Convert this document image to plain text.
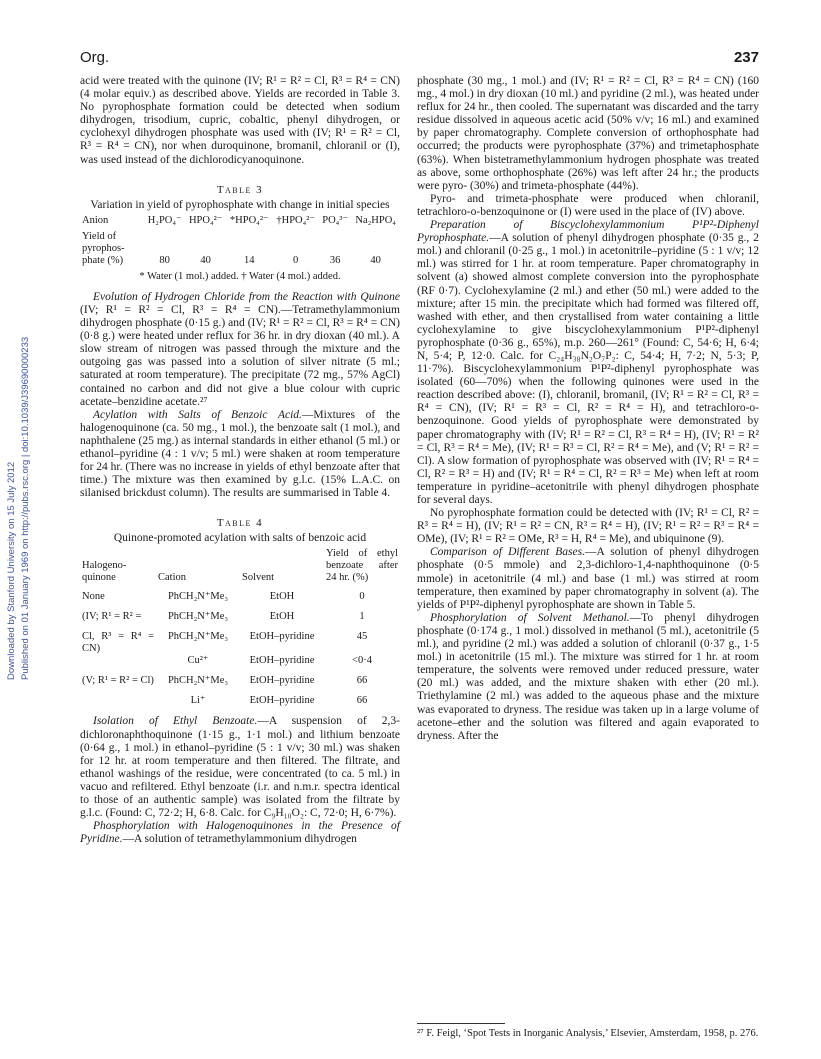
Org.	237
Downloaded by Stanford University on 15 July 2012 Published on 01 January 1969 on http://pubs.rsc.org | doi:10.1039/J39690000233

acid were treated with the quinone (IV; R¹ = R² = Cl, R³ = R⁴ = CN) (4 molar equiv.) as described above. Yields are recorded in Table 3. No pyrophosphate formation could be detected when sodium dihydrogen, trisodium, cupric, cobaltic, phenyl dihydrogen, or cyclohexyl dihydrogen phosphate was used with (IV; R¹ = R² = Cl, R³ = R⁴ = CN), nor when duroquinone, bromanil, chloranil or (I), was used instead of the dichlorodicyanoquinone.

Table 3
Variation in yield of pyrophosphate with change in initial species
Anion	H₂PO₄⁻	HPO₄²⁻	*HPO₄²⁻	†HPO₄²⁻	PO₄³⁻	Na₂HPO₄
Yield of pyrophos- phate (%)	80	40	14	0	36	40
* Water (1 mol.) added. † Water (4 mol.) added.

Evolution of Hydrogen Chloride from the Reaction with Quinone (IV; R¹ = R² = Cl, R³ = R⁴ = CN).—Tetramethylammonium dihydrogen phosphate (0·15 g.) and (IV; R¹ = R² = Cl, R³ = R⁴ = CN) (0·8 g.) were heated under reflux for 36 hr. in dry dioxan (40 ml.). A slow stream of nitrogen was passed through the mixture and the outgoing gas was passed into a solution of silver nitrate (5 ml.; saturated at room temperature). The precipitate (72 mg., 57% AgCl) contained no carbon and did not give a blue colour with cupric acetate–benzidine acetate.²⁷

Acylation with Salts of Benzoic Acid.—Mixtures of the halogenoquinone (ca. 50 mg., 1 mol.), the benzoate salt (1 mol.), and naphthalene (25 mg.) as internal standards in either ethanol (5 ml.) or ethanol–pyridine (4 : 1 v/v; 5 ml.) were shaken at room temperature for 24 hr. (There was no increase in yields of ethyl benzoate after that time.) The mixture was then examined by g.l.c. (15% L.A.C. on silanised brickdust column). The results are summarised in Table 4.

Table 4
Quinone-promoted acylation with salts of benzoic acid
Halogeno- quinone	Cation	Solvent	Yield of ethyl benzoate after 24 hr. (%)
None	PhCH₂N⁺Me₃	EtOH	0
(IV; R¹ = R² =	PhCH₂N⁺Me₃	EtOH	1
Cl, R³ = R⁴ = CN)	PhCH₂N⁺Me₃	EtOH–pyridine	45
	Cu²⁺	EtOH–pyridine	<0·4
(V; R¹ = R² = Cl)	PhCH₂N⁺Me₃	EtOH–pyridine	66
	Li⁺	EtOH–pyridine	66

Isolation of Ethyl Benzoate.—A suspension of 2,3-dichloronaphthoquinone (1·15 g., 1·1 mol.) and lithium benzoate (0·64 g., 1 mol.) in ethanol–pyridine (5 : 1 v/v; 30 ml.) was shaken for 12 hr. at room temperature and then filtered. The filtrate, and ethanol washings of the residue, were concentrated (to ca. 5 ml.) in vacuo and refiltered. Ethyl benzoate (i.r. and n.m.r. spectra identical to those of an authentic sample) was isolated from the filtrate by g.l.c. (Found: C, 72·2; H, 6·8. Calc. for C₉H₁₀O₂: C, 72·0; H, 6·7%).

Phosphorylation with Halogenoquinones in the Presence of Pyridine.—A solution of tetramethylammonium dihydrogen

phosphate (30 mg., 1 mol.) and (IV; R¹ = R² = Cl, R³ = R⁴ = CN) (160 mg., 4 mol.) in dry dioxan (10 ml.) and pyridine (2 ml.), was heated under reflux for 24 hr., then cooled. The supernatant was discarded and the tarry residue dissolved in aqueous acetic acid (50% v/v; 16 ml.) and examined by paper chromatography. Complete conversion of orthophosphate had occurred; the products were pyrophosphate (37%) and trimetaphosphate (63%). When bistetramethylammonium hydrogen phosphate was treated as above, some orthophosphate (26%) was left after 24 hr.; the products were pyro- (30%) and trimeta-phosphate (44%).

Pyro- and trimeta-phosphate were produced when chloranil, tetrachloro-o-benzoquinone or (I) were used in the place of (IV) above.

Preparation of Biscyclohexylammonium P¹P²-Diphenyl Pyrophosphate.—A solution of phenyl dihydrogen phosphate (0·35 g., 2 mol.) and chloranil (0·25 g., 1 mol.) in acetonitrile–pyridine (5 : 1 v/v; 12 ml.) was stirred for 1 hr. at room temperature. Paper chromatography in solvent (a) showed almost complete conversion into the pyrophosphate (RF 0·7). Cyclohexylamine (2 ml.) and ether (50 ml.) were added to the mixture; after 15 min. the precipitate which had formed was filtered off, washed with ether, and then crystallised from water containing a little cyclohexylamine to give biscyclohexylammonium P¹P²-diphenyl pyrophosphate (0·36 g., 65%), m.p. 260—261° (Found: C, 54·6; H, 6·4; N, 5·4; P, 12·0. Calc. for C₂₄H₃₈N₂O₇P₂: C, 54·4; H, 7·2; N, 5·3; P, 11·7%). Biscyclohexylammonium P¹P²-diphenyl pyrophosphate was isolated (60—70%) when the following quinones were used in the reaction described above: (I), chloranil, bromanil, (IV; R¹ = R² = Cl, R³ = R⁴ = CN), (IV; R¹ = R³ = Cl, R² = R⁴ = H), and tetrachloro-o-benzoquinone. Good yields of pyrophosphate were demonstrated by paper chromatography with (IV; R¹ = R² = Cl, R³ = R⁴ = H), (IV; R¹ = R² = Cl, R³ = R⁴ = Me), (IV; R¹ = R³ = Cl, R² = R⁴ = Me), and (V; R¹ = R² = Cl). A slow formation of pyrophosphate was observed with (IV; R¹ = R⁴ = Cl, R² = R³ = H) and (IV; R¹ = R⁴ = Cl, R² = R³ = Me) when left at room temperature in pyridine–acetonitrile with phenyl dihydrogen phosphate for several days.

No pyrophosphate formation could be detected with (IV; R¹ = Cl, R² = R³ = R⁴ = H), (IV; R¹ = R² = CN, R³ = R⁴ = H), (IV; R¹ = R² = R³ = R⁴ = OMe), (IV; R¹ = R² = OMe, R³ = H, R⁴ = Me), and ubiquinone (9).

Comparison of Different Bases.—A solution of phenyl dihydrogen phosphate (0·5 mmole) and 2,3-dichloro-1,4-naphthoquinone (0·5 mmole) in acetonitrile (4 ml.) and base (1 ml.) was stirred at room temperature, then examined by paper chromatography in solvent (a). The yields of P¹P²-diphenyl pyrophosphate are shown in Table 5.

Phosphorylation of Solvent Methanol.—To phenyl dihydrogen phosphate (0·174 g., 1 mol.) dissolved in methanol (5 ml.), acetonitrile (5 ml.), and pyridine (2 ml.) was added a solution of chloranil (0·37 g., 1·5 mol.) in acetonitrile (15 ml.). The mixture was stirred for 1 hr. at room temperature, the solvents were removed under reduced pressure, water (20 ml.) was added, and the mixture shaken with ether (20 ml.). Triethylamine (2 ml.) was added to the aqueous phase and the mixture was evaporated to dryness. The residue was taken up in a large volume of acetone–ether and the solution was filtered and again evaporated to dryness. After the

²⁷ F. Feigl, ‘Spot Tests in Inorganic Analysis,’ Elsevier, Amsterdam, 1958, p. 276.
